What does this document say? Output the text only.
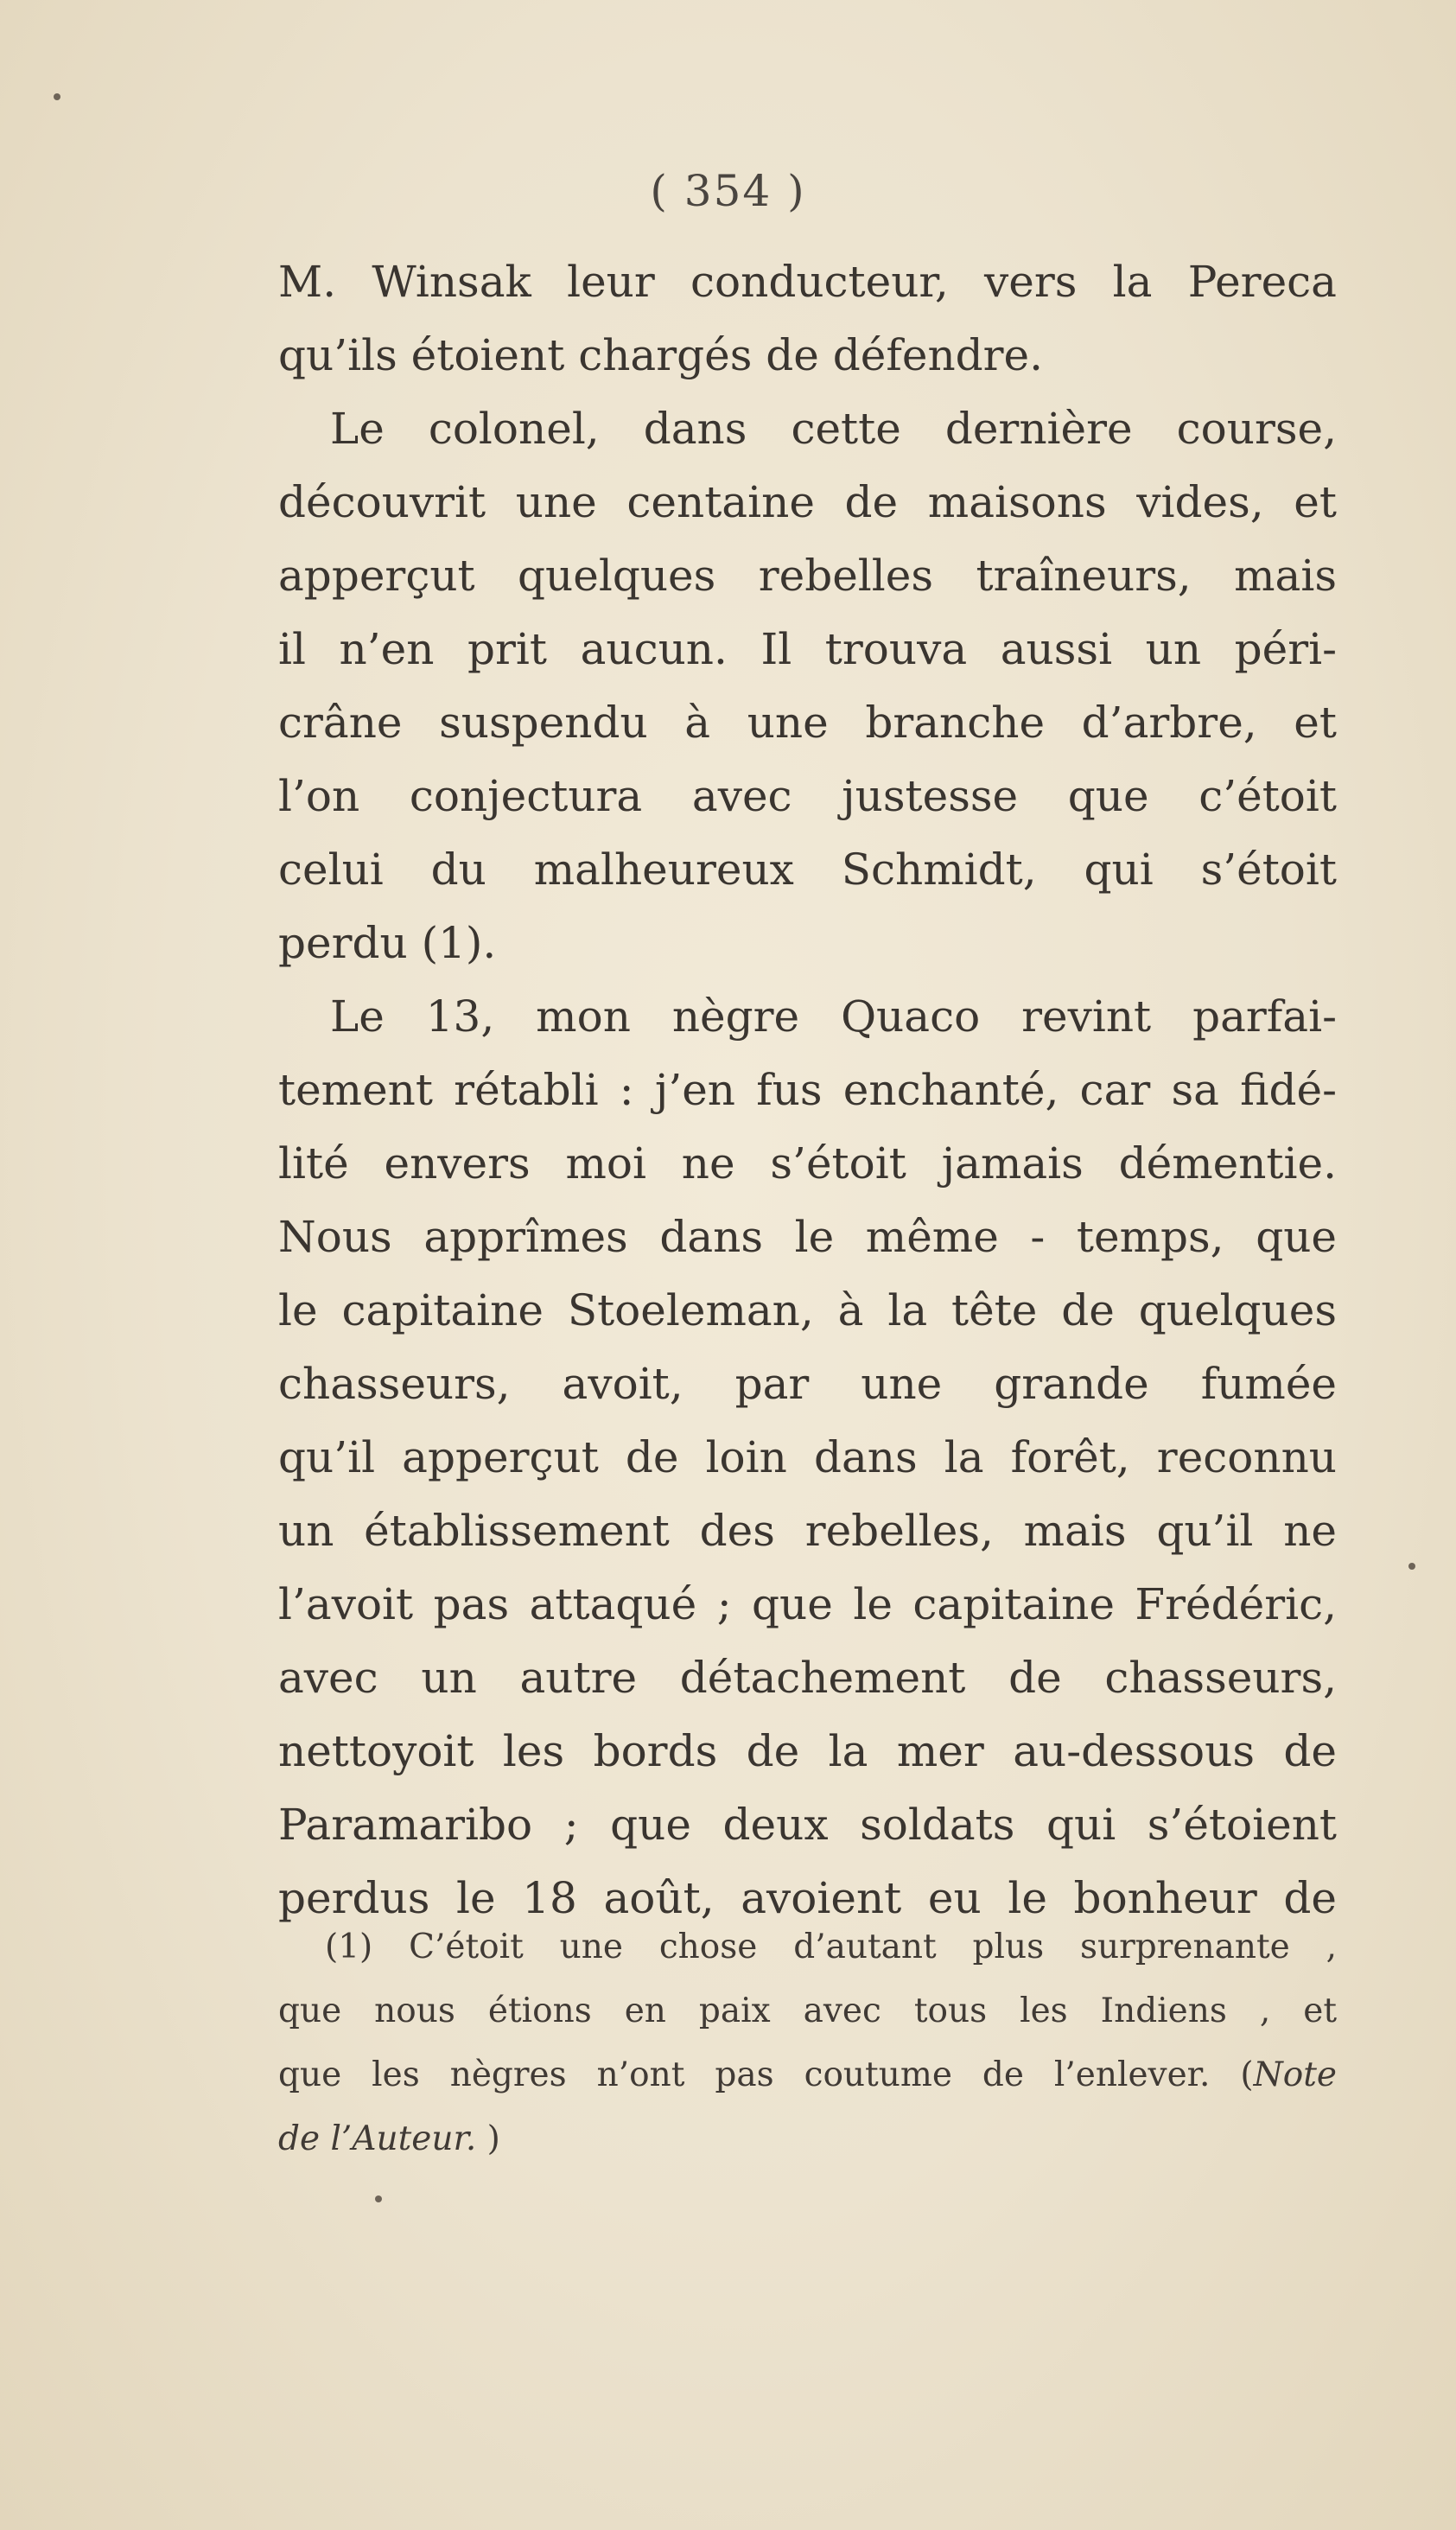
( 354 )
M. Winsak leur conducteur, vers la Pereca
qu’ils étoient chargés de défendre.
Le colonel, dans cette dernière course,
découvrit une centaine de maisons vides, et
apperçut quelques rebelles traîneurs, mais
il n’en prit aucun. Il trouva aussi un péri-
crâne suspendu à une branche d’arbre, et
l’on conjectura avec justesse que c’étoit
celui du malheureux Schmidt, qui s’étoit
perdu (1).
Le 13, mon nègre Quaco revint parfai-
tement rétabli : j’en fus enchanté, car sa fidé-
lité envers moi ne s’étoit jamais démentie.
Nous apprîmes dans le même - temps, que
le capitaine Stoeleman, à la tête de quelques
chasseurs, avoit, par une grande fumée
qu’il apperçut de loin dans la forêt, reconnu
un établissement des rebelles, mais qu’il ne
l’avoit pas attaqué ; que le capitaine Frédéric,
avec un autre détachement de chasseurs,
nettoyoit les bords de la mer au-dessous de
Paramaribo ; que deux soldats qui s’étoient
perdus le 18 août, avoient eu le bonheur de
(1) C’étoit une chose d’autant plus surprenante ,
que nous étions en paix avec tous les Indiens , et
que les nègres n’ont pas coutume de l’enlever. (Note
de l’Auteur. )
